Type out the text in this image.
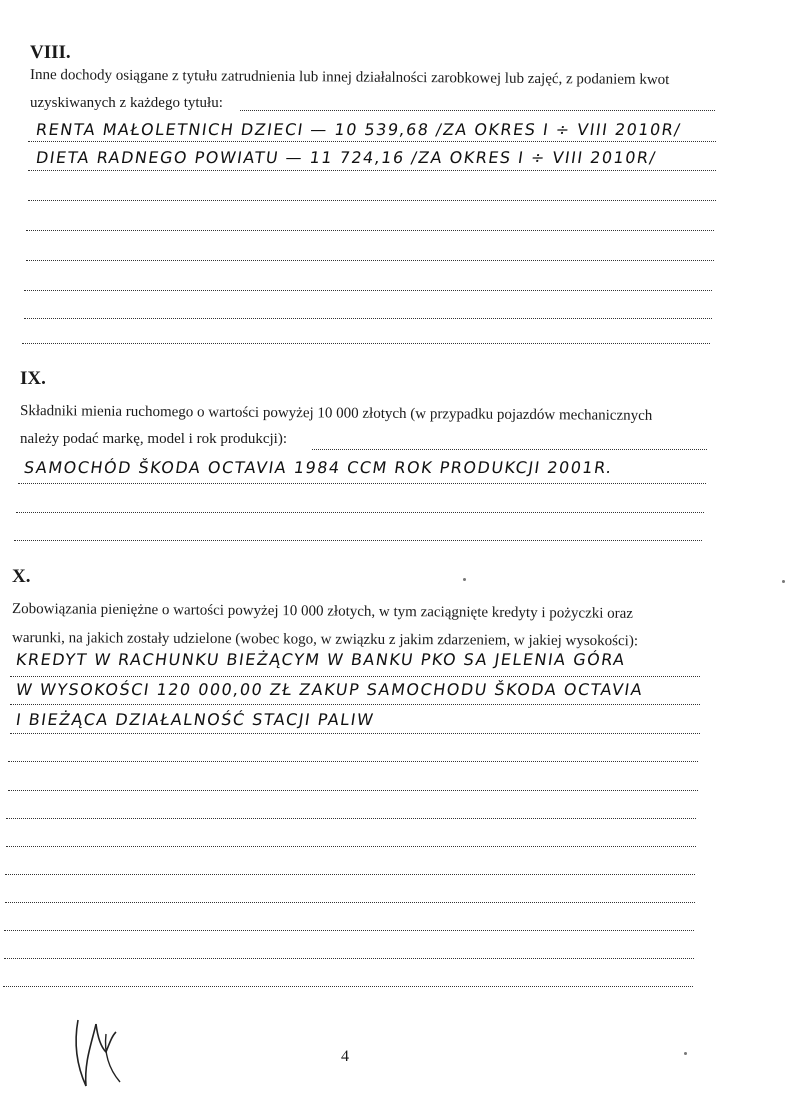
VIII.
Inne dochody osiągane z tytułu zatrudnienia lub innej działalności zarobkowej lub zajęć, z podaniem kwot
uzyskiwanych z każdego tytułu:
RENTA MAŁOLETNICH DZIECI — 10 539,68 /ZA OKRES I ÷ VIII 2010R/
DIETA RADNEGO POWIATU — 11 724,16 /ZA OKRES I ÷ VIII 2010R/
IX.
Składniki mienia ruchomego o wartości powyżej 10 000 złotych (w przypadku pojazdów mechanicznych
należy podać markę, model i rok produkcji):
SAMOCHÓD ŠKODA OCTAVIA 1984 CCM ROK PRODUKCJI 2001R.
X.
Zobowiązania pieniężne o wartości powyżej 10 000 złotych, w tym zaciągnięte kredyty i pożyczki oraz
warunki, na jakich zostały udzielone (wobec kogo, w związku z jakim zdarzeniem, w jakiej wysokości):
KREDYT W RACHUNKU BIEŻĄCYM W BANKU PKO SA JELENIA GÓRA
W WYSOKOŚCI 120 000,00 ZŁ ZAKUP SAMOCHODU ŠKODA OCTAVIA
I BIEŻĄCA DZIAŁALNOŚĆ STACJI PALIW
4
